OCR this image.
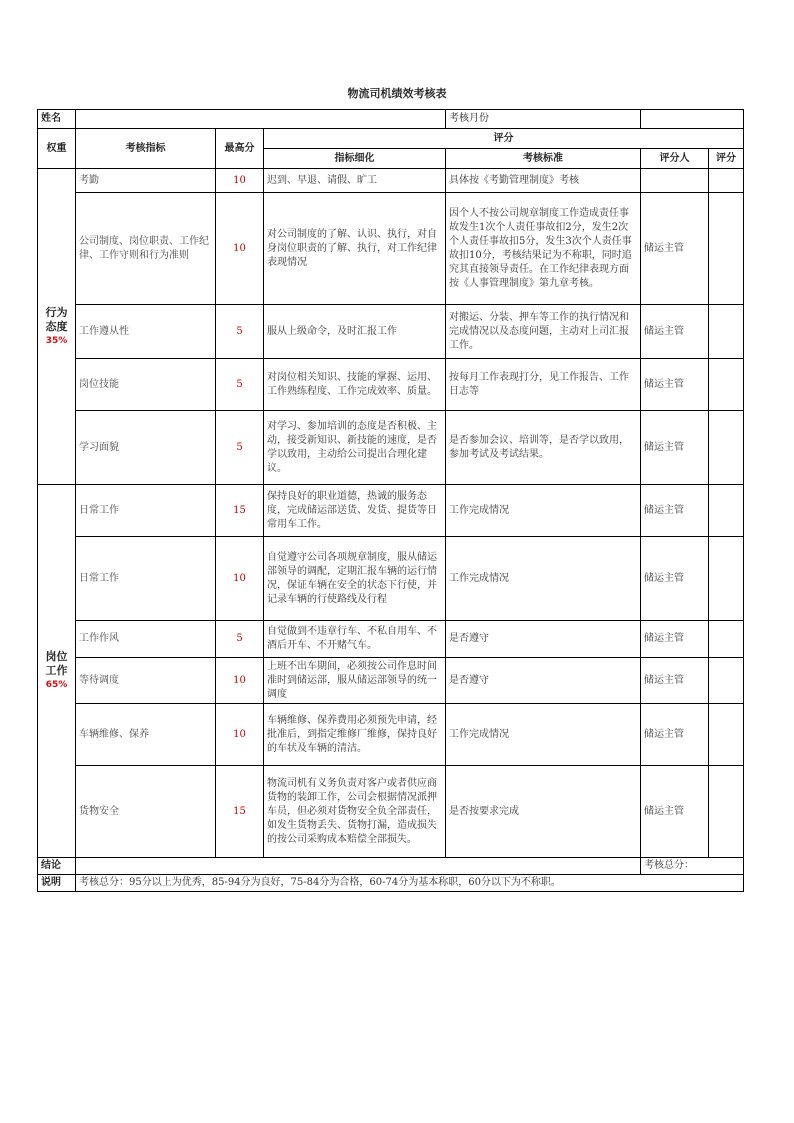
物流司机绩效考核表
姓名				考核月份		
权重	考核指标	最高分	评分			
			指标细化	考核标准	评分人	评分
行为态度
35%	考勤	10	迟到、早退、请假、旷工	具体按《考勤管理制度》考核		
	公司制度、岗位职责、工作纪律、工作守则和行为准则	10	对公司制度的了解、认识、执行，对自身岗位职责的了解、执行，对工作纪律表现情况	因个人不按公司规章制度工作造成责任事故发生1次个人责任事故扣2分，发生2次个人责任事故扣5分，发生3次个人责任事故扣10分，考核结果记为不称职，同时追究其直接领导责任。在工作纪律表现方面按《人事管理制度》第九章考核。	储运主管	
	工作遵从性	5	服从上级命令，及时汇报工作	对搬运、分装、押车等工作的执行情况和完成情况以及态度问题，主动对上司汇报工作。	储运主管	
	岗位技能	5	对岗位相关知识、技能的掌握、运用、工作熟练程度、工作完成效率、质量。	按每月工作表现打分，见工作报告、工作日志等	储运主管	
	学习面貌	5	对学习、参加培训的态度是否积极、主动，接受新知识、新技能的速度，是否学以致用，主动给公司提出合理化建议。	是否参加会议、培训等，是否学以致用，参加考试及考试结果。	储运主管	
岗位工作
65%	日常工作	15	保持良好的职业道德，热诚的服务态度，完成储运部送货、发货、提货等日常用车工作。	工作完成情况	储运主管	
	日常工作	10	自觉遵守公司各项规章制度，服从储运部领导的调配，定期汇报车辆的运行情况，保证车辆在安全的状态下行使，并记录车辆的行使路线及行程	工作完成情况	储运主管	
	工作作风	5	自觉做到不违章行车、不私自用车、不酒后开车、不开赌气车。	是否遵守	储运主管	
	等待调度	10	上班不出车期间，必须按公司作息时间准时到储运部，服从储运部领导的统一调度	是否遵守	储运主管	
	车辆维修、保养	10	车辆维修、保养费用必须预先申请，经批准后，到指定维修厂维修，保持良好的车状及车辆的清洁。	工作完成情况	储运主管	
	货物安全	15	物流司机有义务负责对客户或者供应商货物的装卸工作，公司会根据情况派押车员，但必须对货物安全负全部责任，如发生货物丢失、货物打漏，造成损失的按公司采购成本赔偿全部损失。	是否按要求完成	储运主管	
结论					考核总分：	
说明	考核总分：95分以上为优秀，85-94分为良好，75-84分为合格，60-74分为基本称职，60分以下为不称职。					
